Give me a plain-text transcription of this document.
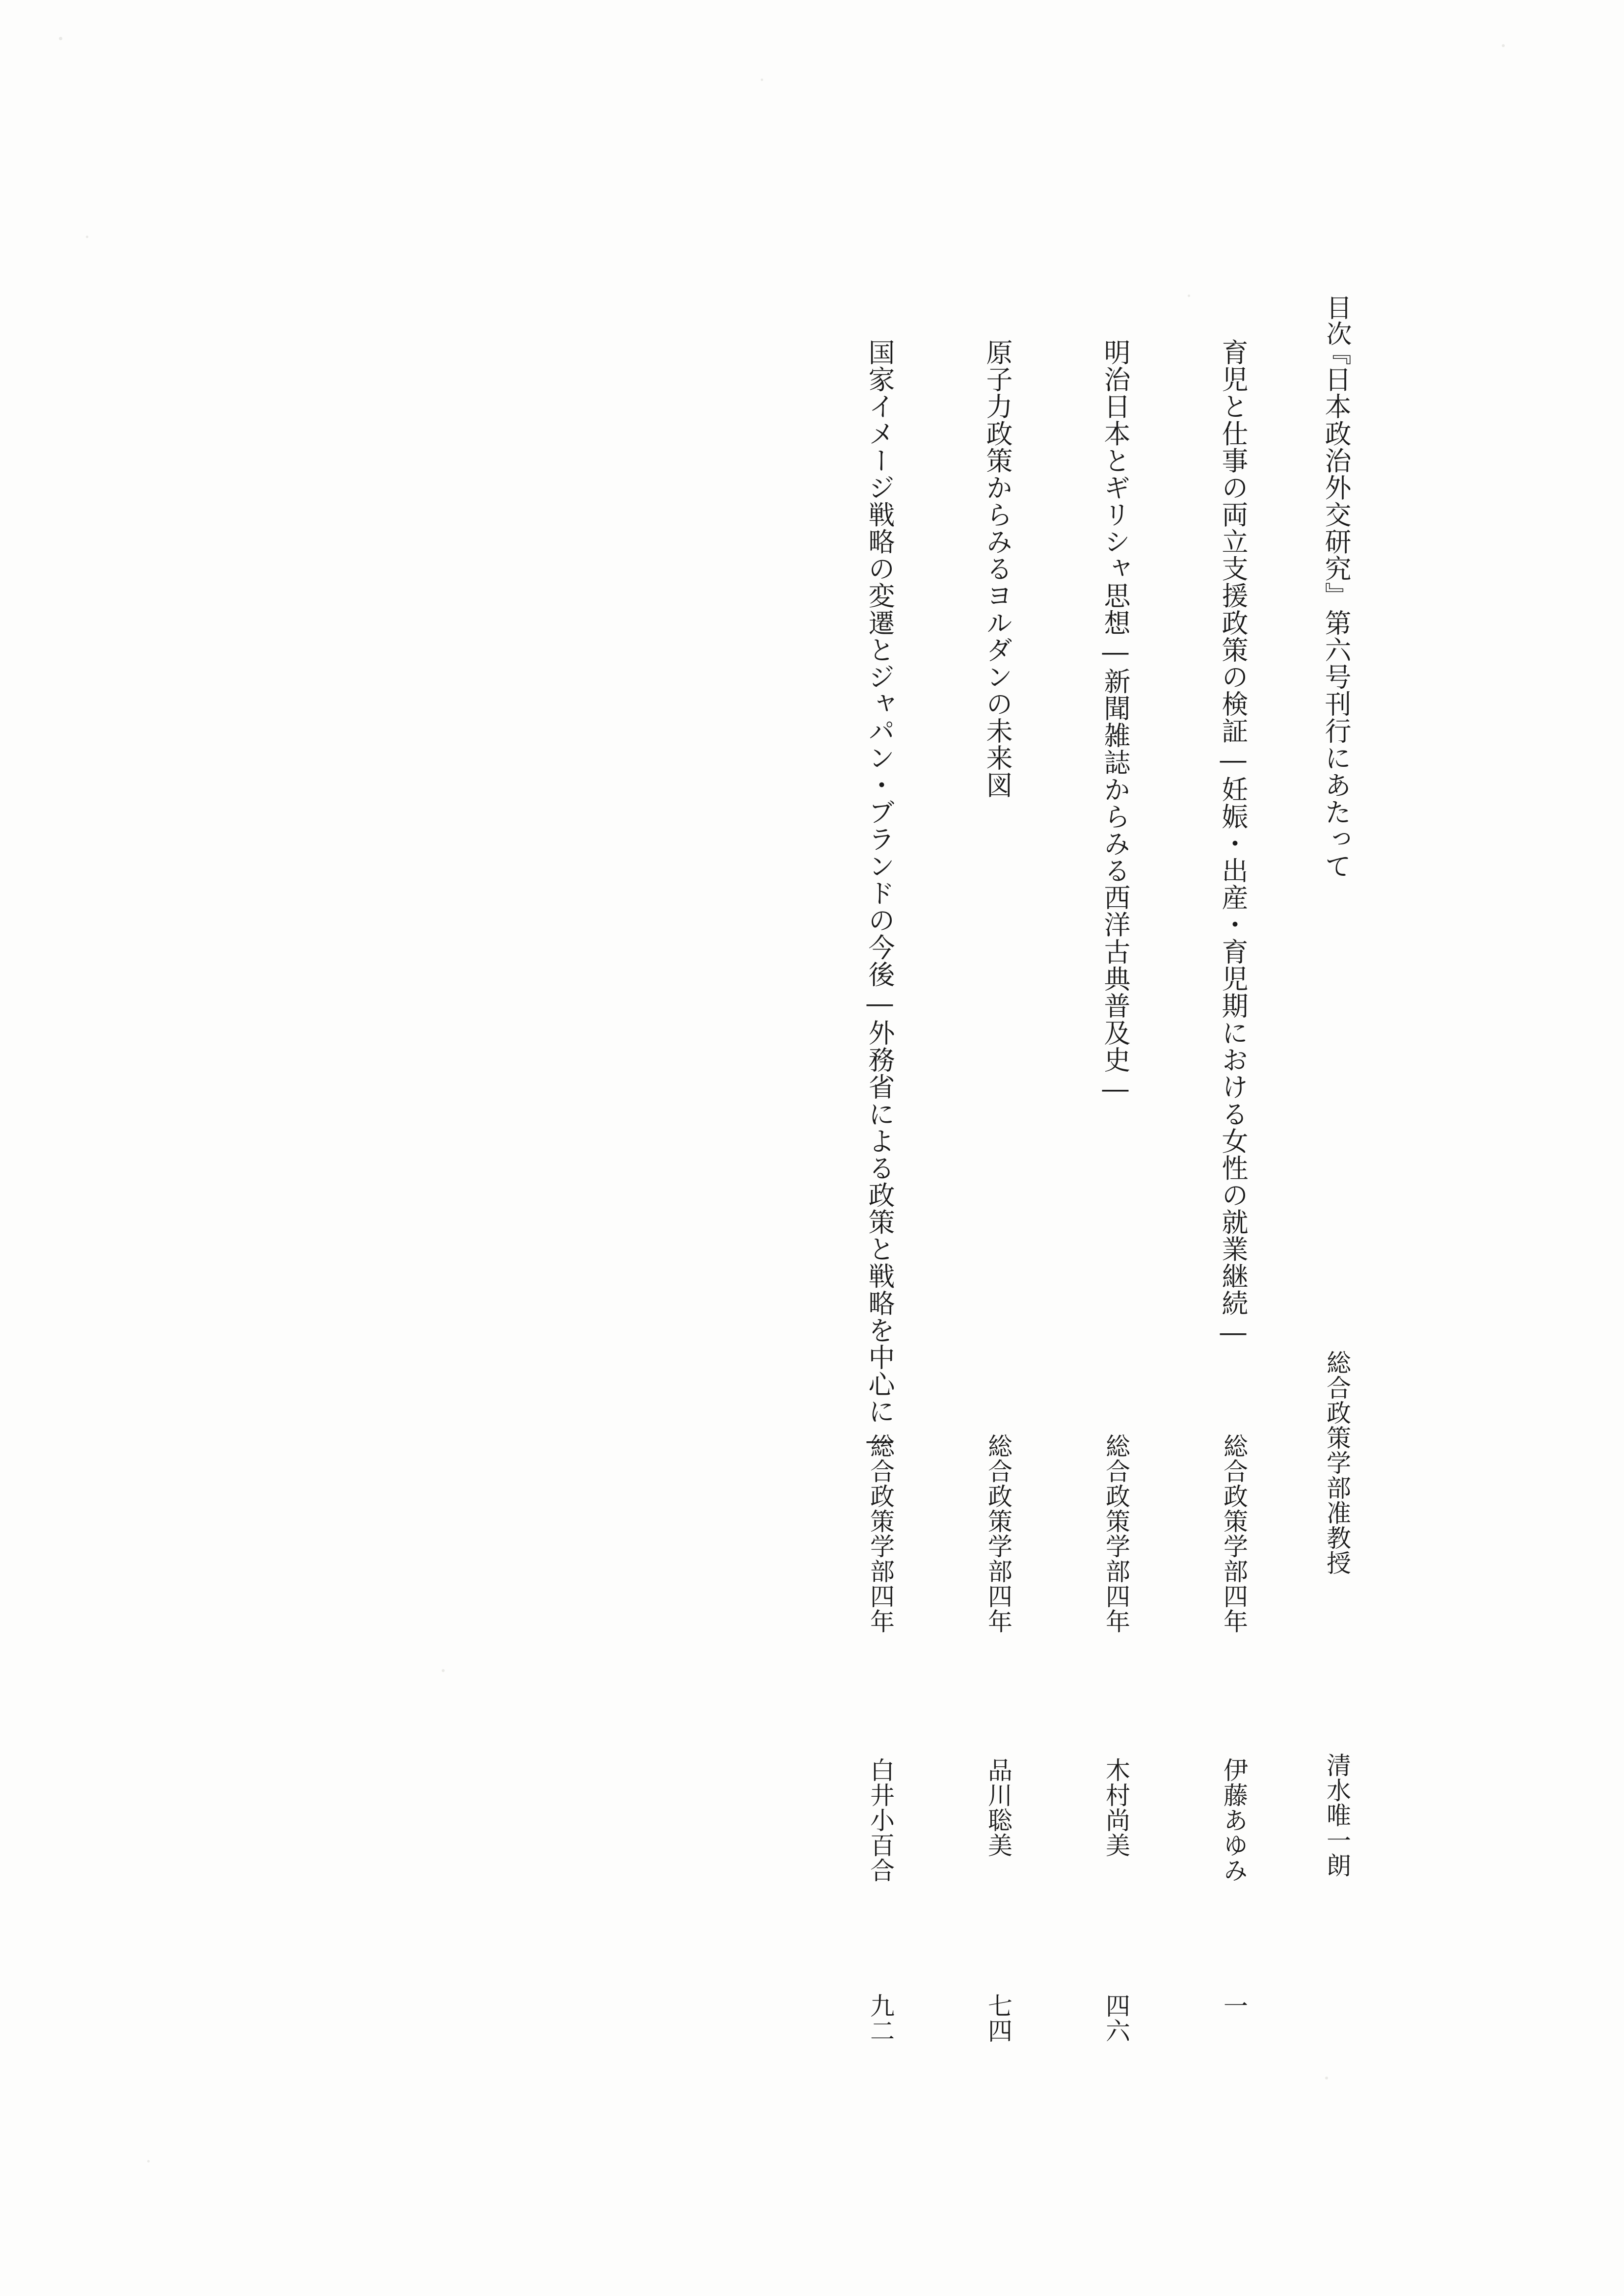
目次
『日本政治外交研究』第六号刊行にあたって
総合政策学部准教授
清水唯一朗
育児と仕事の両立支援政策の検証―妊娠・出産・育児期における女性の就業継続―
総合政策学部四年
伊藤あゆみ
一
明治日本とギリシャ思想―新聞雑誌からみる西洋古典普及史―
総合政策学部四年
木村尚美
四六
原子力政策からみるヨルダンの未来図
総合政策学部四年
品川聡美
七四
国家イメージ戦略の変遷とジャパン・ブランドの今後―外務省による政策と戦略を中心に―
総合政策学部四年
白井小百合
九二
